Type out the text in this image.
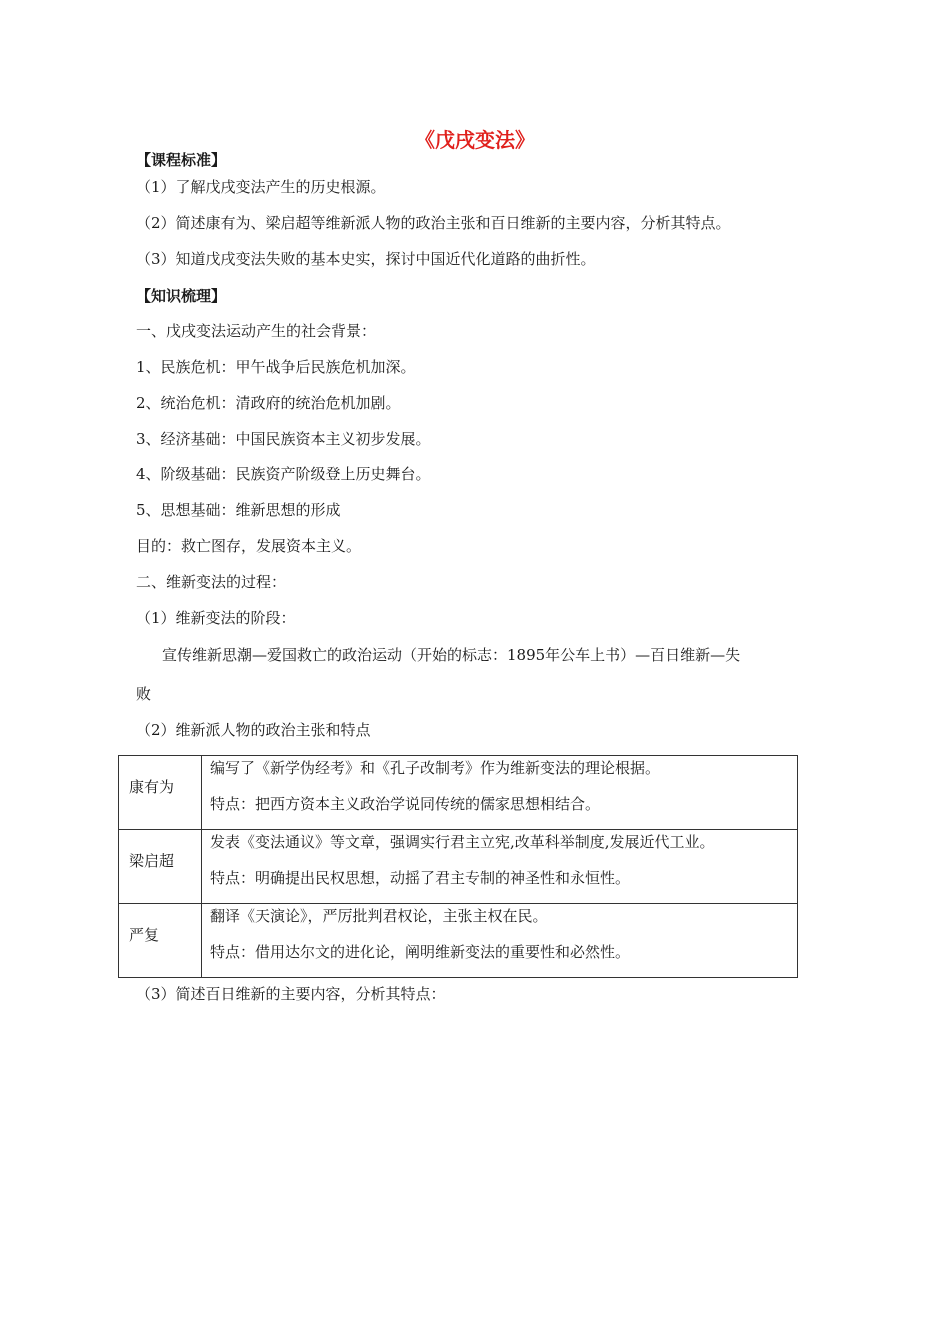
《戊戌变法》
【课程标准】
（1）了解戊戌变法产生的历史根源。
（2）简述康有为、梁启超等维新派人物的政治主张和百日维新的主要内容，分析其特点。
（3）知道戊戌变法失败的基本史实，探讨中国近代化道路的曲折性。
【知识梳理】
一、戊戌变法运动产生的社会背景：
1、民族危机：甲午战争后民族危机加深。
2、统治危机：清政府的统治危机加剧。
3、经济基础：中国民族资本主义初步发展。
4、阶级基础：民族资产阶级登上历史舞台。
5、思想基础：维新思想的形成
目的：救亡图存，发展资本主义。
二、维新变法的过程：
（1）维新变法的阶段：
宣传维新思潮—爱国救亡的政治运动（开始的标志：1895年公车上书）—百日维新—失
败
（2）维新派人物的政治主张和特点
康有为	编写了《新学伪经考》和《孔子改制考》作为维新变法的理论根据。
特点：把西方资本主义政治学说同传统的儒家思想相结合。

梁启超	发表《变法通议》等文章，强调实行君主立宪,改革科举制度,发展近代工业。
特点：明确提出民权思想，动摇了君主专制的神圣性和永恒性。

严复	翻译《天演论》，严厉批判君权论，主张主权在民。
特点：借用达尔文的进化论，阐明维新变法的重要性和必然性。
（3）简述百日维新的主要内容，分析其特点：
